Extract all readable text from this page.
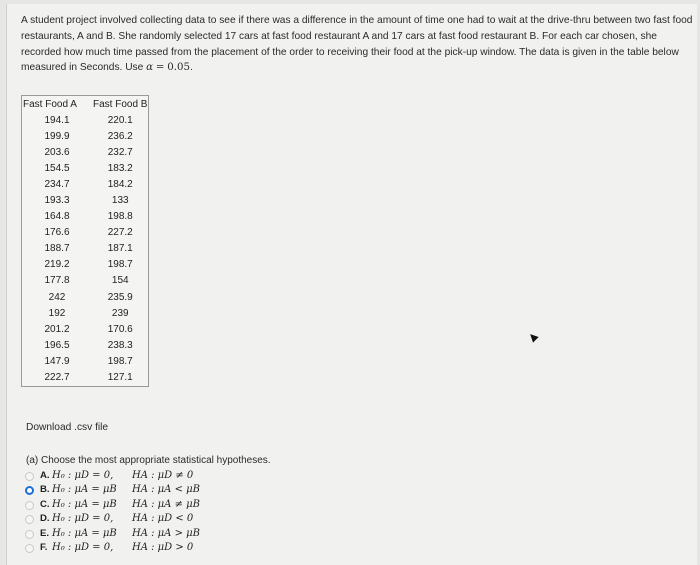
A student project involved collecting data to see if there was a difference in the amount of time one had to wait at the drive-thru between two fast food restaurants, A and B. She randomly selected 17 cars at fast food restaurant A and 17 cars at fast food restaurant B. For each car chosen, she recorded how much time passed from the placement of the order to receiving their food at the pick-up window. The data is given in the table below measured in Seconds. Use α = 0.05.
Fast Food A	Fast Food B
194.1	220.1
199.9	236.2
203.6	232.7
154.5	183.2
234.7	184.2
193.3	133
164.8	198.8
176.6	227.2
188.7	187.1
219.2	198.7
177.8	154
242	235.9
192	239
201.2	170.6
196.5	238.3
147.9	198.7
222.7	127.1
Download .csv file
(a) Choose the most appropriate statistical hypotheses.
A. H₀ : μD = 0, HA : μD ≠ 0
B. H₀ : μA = μB HA : μA < μB
C. H₀ : μA = μB HA : μA ≠ μB
D. H₀ : μD = 0, HA : μD < 0
E. H₀ : μA = μB HA : μA > μB
F. H₀ : μD = 0, HA : μD > 0
